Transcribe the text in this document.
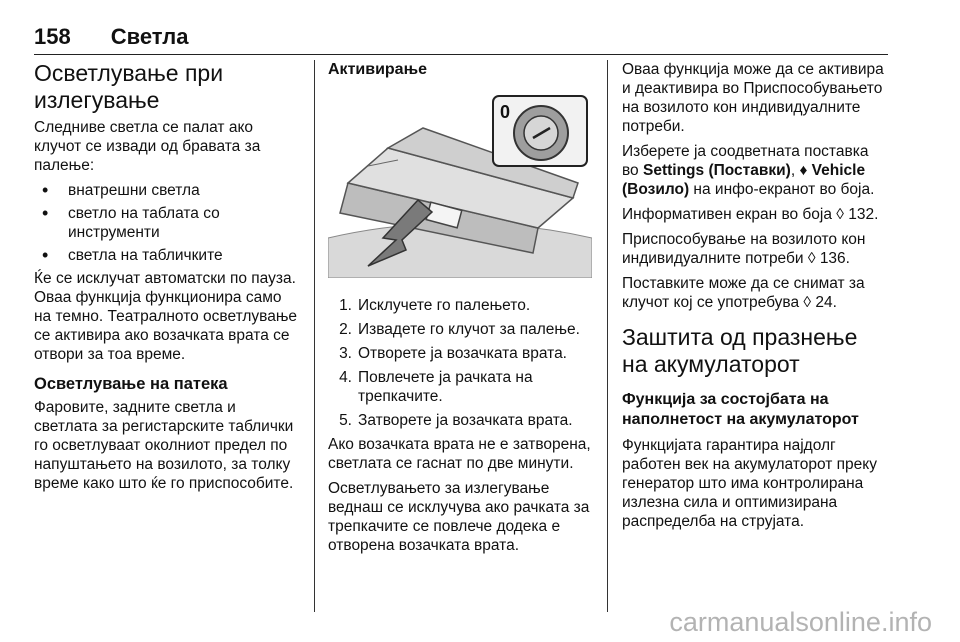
158 Светла
Осветлување при излегување

Следниве светла се палат ако клучот се извади од бравата за палење:

• внатрешни светла
• светло на таблата со инструменти
• светла на табличките

Ќе се исклучат автоматски по пауза. Оваа функција функционира само на темно. Театралното осветлување се активира ако возачката врата се отвори за тоа време.

Осветлување на патека

Фаровите, задните светла и светлата за регистарските таблички го осветлуваат околниот предел по напуштањето на возилото, за толку време како што ќе го приспособите.

Активирање
0
1. Исклучете го палењето.
2. Извадете го клучот за палење.
3. Отворете ја возачката врата.
4. Повлечете ја рачката на трепкачите.
5. Затворете ја возачката врата.

Ако возачката врата не е затворена, светлата се гаснат по две минути.

Осветлувањето за излегување веднаш се исклучува ако рачката за трепкачите се повлече додека е отворена возачката врата.

Оваа функција може да се активира и деактивира во Приспособувањето на возилото кон индивидуалните потреби.

Изберете ја соодветната поставка во Settings (Поставки), ♦ Vehicle (Возило) на инфо-екранот во боја.

Информативен екран во боја ◊ 132.

Приспособување на возилото кон индивидуалните потреби ◊ 136.

Поставките може да се снимат за клучот кој се употребува ◊ 24.

Заштита од празнење на акумулаторот
Функција за состојбата на наполнетост на акумулаторот

Функцијата гарантира најдолг работен век на акумулаторот преку генератор што има контролирана излезна сила и оптимизирана распределба на струјата.

carmanualsonline.info
